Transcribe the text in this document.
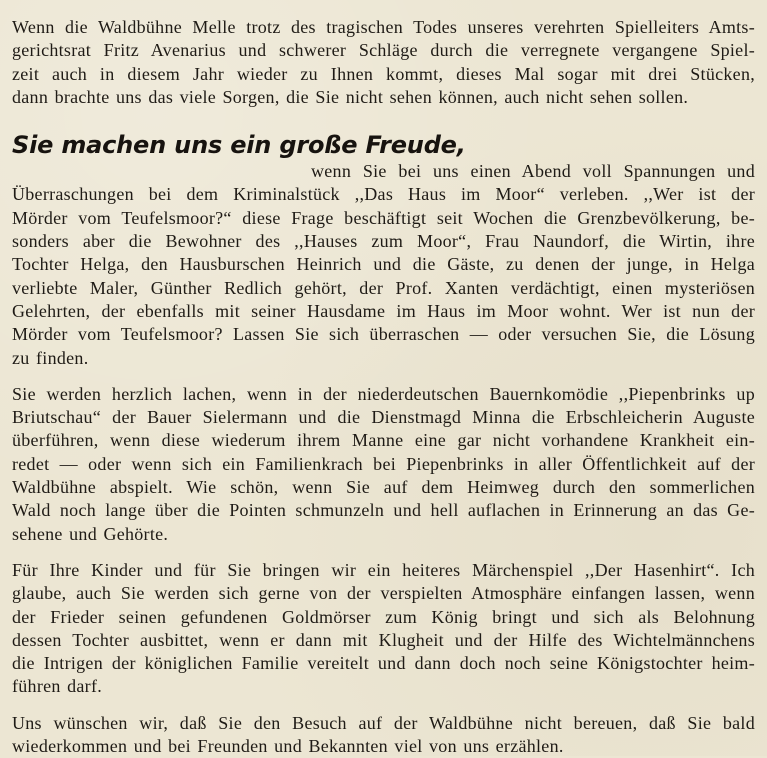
Wenn die Waldbühne Melle trotz des tragischen Todes unseres verehrten Spielleiters Amts-
gerichtsrat Fritz Avenarius und schwerer Schläge durch die verregnete vergangene Spiel-
zeit auch in diesem Jahr wieder zu Ihnen kommt, dieses Mal sogar mit drei Stücken,
dann brachte uns das viele Sorgen, die Sie nicht sehen können, auch nicht sehen sollen.

Sie machen uns ein große Freude,

wenn Sie bei uns einen Abend voll Spannungen und
Überraschungen bei dem Kriminalstück ,,Das Haus im Moor“ verleben. ,,Wer ist der
Mörder vom Teufelsmoor?“ diese Frage beschäftigt seit Wochen die Grenzbevölkerung, be-
sonders aber die Bewohner des ,,Hauses zum Moor“, Frau Naundorf, die Wirtin, ihre
Tochter Helga, den Hausburschen Heinrich und die Gäste, zu denen der junge, in Helga
verliebte Maler, Günther Redlich gehört, der Prof. Xanten verdächtigt, einen mysteriösen
Gelehrten, der ebenfalls mit seiner Hausdame im Haus im Moor wohnt. Wer ist nun der
Mörder vom Teufelsmoor? Lassen Sie sich überraschen — oder versuchen Sie, die Lösung
zu finden.

Sie werden herzlich lachen, wenn in der niederdeutschen Bauernkomödie ,,Piepenbrinks up
Briutschau“ der Bauer Sielermann und die Dienstmagd Minna die Erbschleicherin Auguste
überführen, wenn diese wiederum ihrem Manne eine gar nicht vorhandene Krankheit ein-
redet — oder wenn sich ein Familienkrach bei Piepenbrinks in aller Öffentlichkeit auf der
Waldbühne abspielt. Wie schön, wenn Sie auf dem Heimweg durch den sommerlichen
Wald noch lange über die Pointen schmunzeln und hell auflachen in Erinnerung an das Ge-
sehene und Gehörte.

Für Ihre Kinder und für Sie bringen wir ein heiteres Märchenspiel ,,Der Hasenhirt“. Ich
glaube, auch Sie werden sich gerne von der verspielten Atmosphäre einfangen lassen, wenn
der Frieder seinen gefundenen Goldmörser zum König bringt und sich als Belohnung
dessen Tochter ausbittet, wenn er dann mit Klugheit und der Hilfe des Wichtelmännchens
die Intrigen der königlichen Familie vereitelt und dann doch noch seine Königstochter heim-
führen darf.

Uns wünschen wir, daß Sie den Besuch auf der Waldbühne nicht bereuen, daß Sie bald
wiederkommen und bei Freunden und Bekannten viel von uns erzählen.
